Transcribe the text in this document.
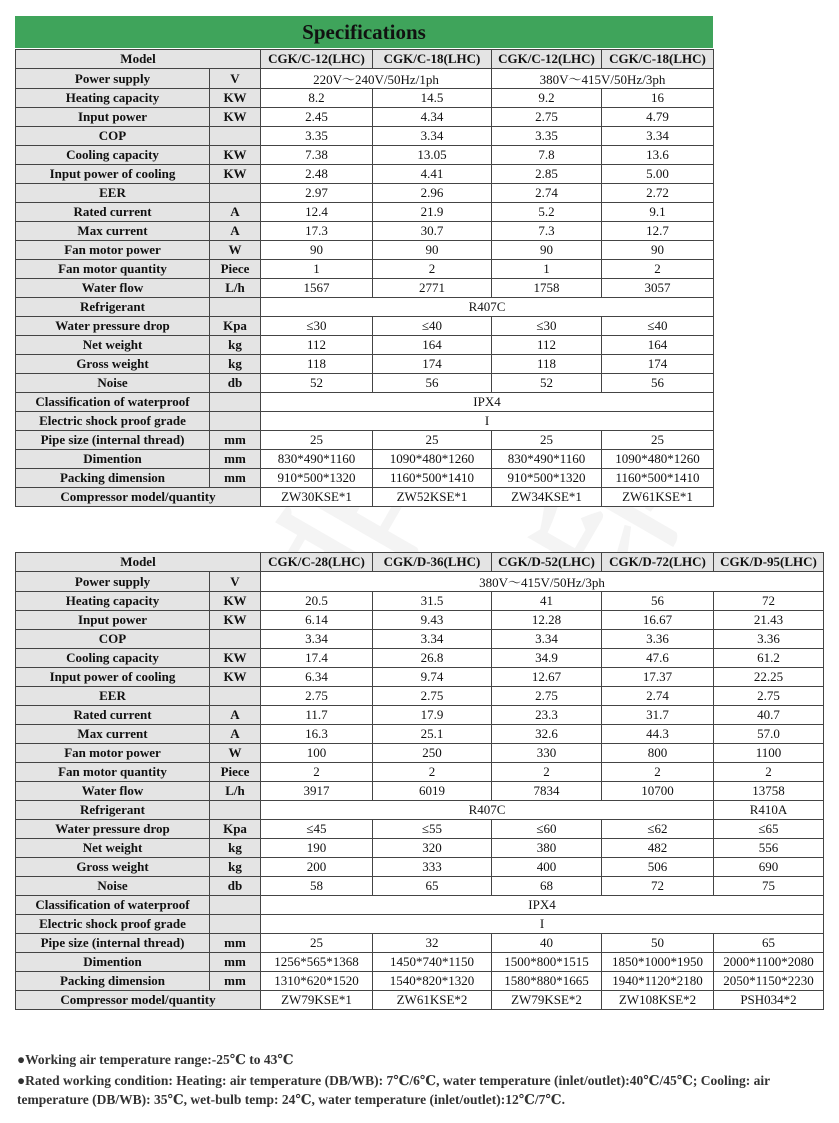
Specifications
Model		CGK/C-12(LHC)	CGK/C-18(LHC)	CGK/C-12(LHC)	CGK/C-18(LHC)
Power supply	V	220V～240V/50Hz/1ph		380V～415V/50Hz/3ph	
Heating capacity	KW	8.2	14.5	9.2	16
Input power	KW	2.45	4.34	2.75	4.79
COP		3.35	3.34	3.35	3.34
Cooling capacity	KW	7.38	13.05	7.8	13.6
Input power of cooling	KW	2.48	4.41	2.85	5.00
EER		2.97	2.96	2.74	2.72
Rated current	A	12.4	21.9	5.2	9.1
Max current	A	17.3	30.7	7.3	12.7
Fan motor power	W	90	90	90	90
Fan motor quantity	Piece	1	2	1	2
Water flow	L/h	1567	2771	1758	3057
Refrigerant		R407C			
Water pressure drop	Kpa	≤30	≤40	≤30	≤40
Net weight	kg	112	164	112	164
Gross weight	kg	118	174	118	174
Noise	db	52	56	52	56
Classification of waterproof		IPX4			
Electric shock proof grade		I			
Pipe size (internal thread)	mm	25	25	25	25
Dimention	mm	830*490*1160	1090*480*1260	830*490*1160	1090*480*1260
Packing dimension	mm	910*500*1320	1160*500*1410	910*500*1320	1160*500*1410
Compressor model/quantity		ZW30KSE*1	ZW52KSE*1	ZW34KSE*1	ZW61KSE*1
Model		CGK/C-28(LHC)	CGK/D-36(LHC)	CGK/D-52(LHC)	CGK/D-72(LHC)	CGK/D-95(LHC)
Power supply	V	380V～415V/50Hz/3ph				
Heating capacity	KW	20.5	31.5	41	56	72
Input power	KW	6.14	9.43	12.28	16.67	21.43
COP		3.34	3.34	3.34	3.36	3.36
Cooling capacity	KW	17.4	26.8	34.9	47.6	61.2
Input power of cooling	KW	6.34	9.74	12.67	17.37	22.25
EER		2.75	2.75	2.75	2.74	2.75
Rated current	A	11.7	17.9	23.3	31.7	40.7
Max current	A	16.3	25.1	32.6	44.3	57.0
Fan motor power	W	100	250	330	800	1100
Fan motor quantity	Piece	2	2	2	2	2
Water flow	L/h	3917	6019	7834	10700	13758
Refrigerant		R407C				R410A
Water pressure drop	Kpa	≤45	≤55	≤60	≤62	≤65
Net weight	kg	190	320	380	482	556
Gross weight	kg	200	333	400	506	690
Noise	db	58	65	68	72	75
Classification of waterproof		IPX4				
Electric shock proof grade		I				
Pipe size (internal thread)	mm	25	32	40	50	65
Dimention	mm	1256*565*1368	1450*740*1150	1500*800*1515	1850*1000*1950	2000*1100*2080
Packing dimension	mm	1310*620*1520	1540*820*1320	1580*880*1665	1940*1120*2180	2050*1150*2230
Compressor model/quantity		ZW79KSE*1	ZW61KSE*2	ZW79KSE*2	ZW108KSE*2	PSH034*2

●Working air temperature range:-25℃ to 43℃

●Rated working condition: Heating: air temperature (DB/WB): 7℃/6℃, water temperature (inlet/outlet):40℃/45℃; Cooling: air temperature (DB/WB): 35℃, wet-bulb temp: 24℃, water temperature (inlet/outlet):12℃/7℃.
